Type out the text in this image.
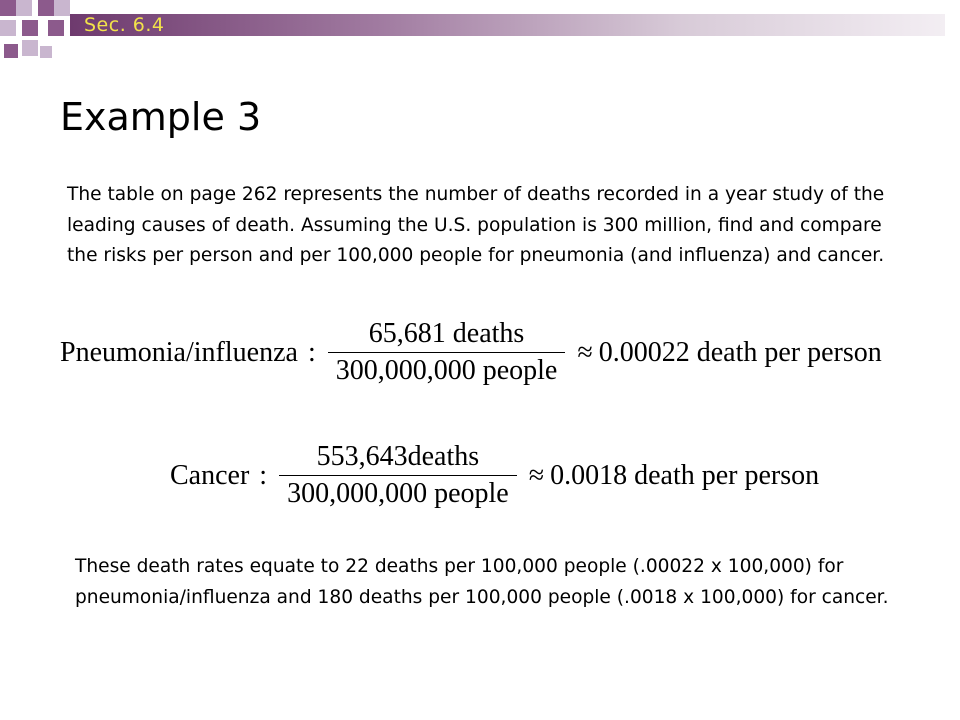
Sec. 6.4
Example 3

The table on page 262 represents the number of deaths recorded in a year study of the leading causes of death. Assuming the U.S. population is 300 million, find and compare the risks per person and per 100,000 people for pneumonia (and influenza) and cancer.

Pneumonia/influenza : $\frac{\text{65,681 deaths}}{\text{300,000,000 people}} \approx 0.00022$ death per person
Cancer : $\frac{\text{553,643deaths}}{\text{300,000,000 people}} \approx 0.0018$ death per person

These death rates equate to 22 deaths per 100,000 people (.00022 x 100,000) for pneumonia/influenza and 180 deaths per 100,000 people (.0018 x 100,000) for cancer.
